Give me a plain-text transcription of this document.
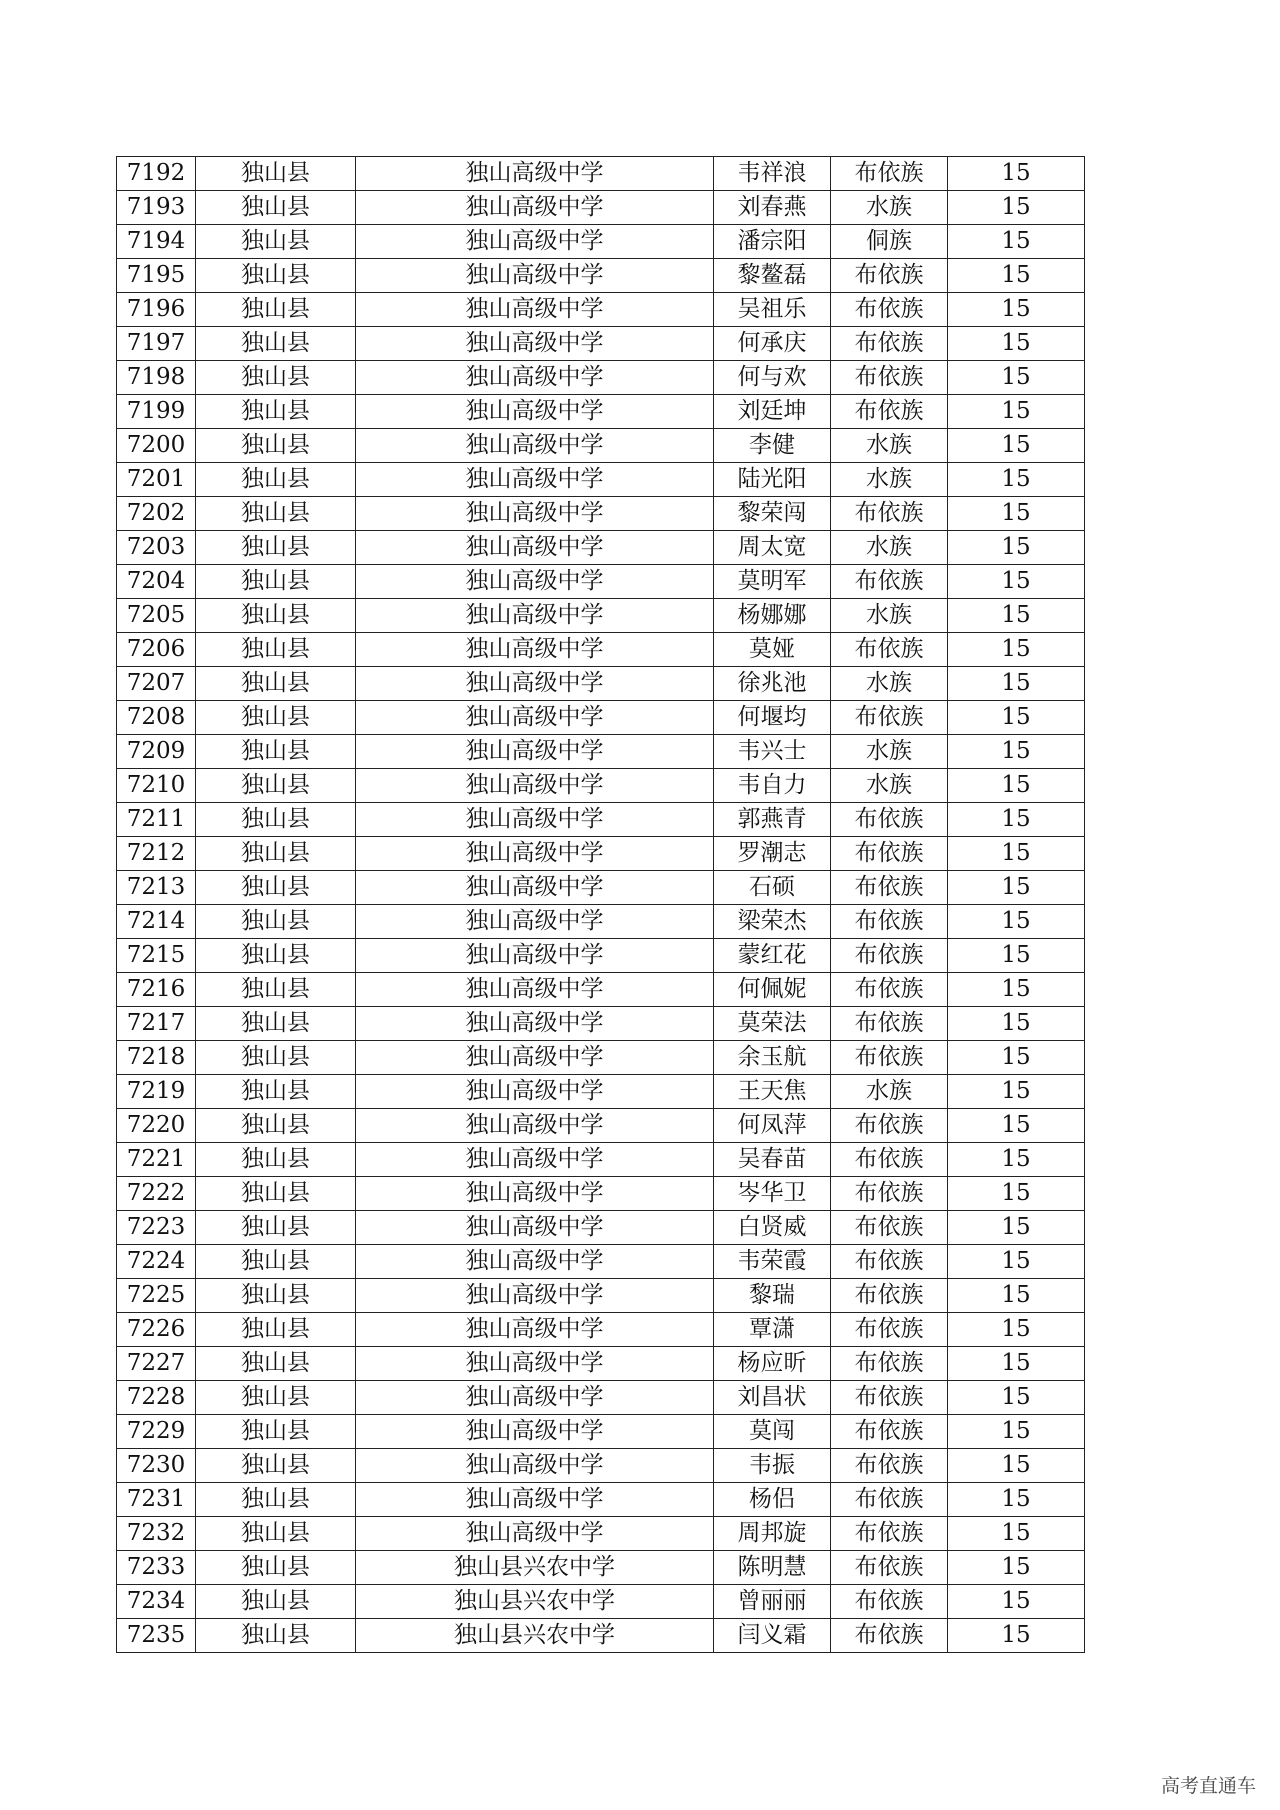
7192	独山县	独山高级中学	韦祥浪	布依族	15
7193	独山县	独山高级中学	刘春燕	水族	15
7194	独山县	独山高级中学	潘宗阳	侗族	15
7195	独山县	独山高级中学	黎鳌磊	布依族	15
7196	独山县	独山高级中学	吴祖乐	布依族	15
7197	独山县	独山高级中学	何承庆	布依族	15
7198	独山县	独山高级中学	何与欢	布依族	15
7199	独山县	独山高级中学	刘廷坤	布依族	15
7200	独山县	独山高级中学	李健	水族	15
7201	独山县	独山高级中学	陆光阳	水族	15
7202	独山县	独山高级中学	黎荣闯	布依族	15
7203	独山县	独山高级中学	周太宽	水族	15
7204	独山县	独山高级中学	莫明军	布依族	15
7205	独山县	独山高级中学	杨娜娜	水族	15
7206	独山县	独山高级中学	莫娅	布依族	15
7207	独山县	独山高级中学	徐兆池	水族	15
7208	独山县	独山高级中学	何堰均	布依族	15
7209	独山县	独山高级中学	韦兴士	水族	15
7210	独山县	独山高级中学	韦自力	水族	15
7211	独山县	独山高级中学	郭燕青	布依族	15
7212	独山县	独山高级中学	罗潮志	布依族	15
7213	独山县	独山高级中学	石硕	布依族	15
7214	独山县	独山高级中学	梁荣杰	布依族	15
7215	独山县	独山高级中学	蒙红花	布依族	15
7216	独山县	独山高级中学	何佩妮	布依族	15
7217	独山县	独山高级中学	莫荣法	布依族	15
7218	独山县	独山高级中学	余玉航	布依族	15
7219	独山县	独山高级中学	王天焦	水族	15
7220	独山县	独山高级中学	何凤萍	布依族	15
7221	独山县	独山高级中学	吴春苗	布依族	15
7222	独山县	独山高级中学	岑华卫	布依族	15
7223	独山县	独山高级中学	白贤威	布依族	15
7224	独山县	独山高级中学	韦荣霞	布依族	15
7225	独山县	独山高级中学	黎瑞	布依族	15
7226	独山县	独山高级中学	覃潇	布依族	15
7227	独山县	独山高级中学	杨应昕	布依族	15
7228	独山县	独山高级中学	刘昌状	布依族	15
7229	独山县	独山高级中学	莫闯	布依族	15
7230	独山县	独山高级中学	韦振	布依族	15
7231	独山县	独山高级中学	杨侣	布依族	15
7232	独山县	独山高级中学	周邦旋	布依族	15
7233	独山县	独山县兴农中学	陈明慧	布依族	15
7234	独山县	独山县兴农中学	曾丽丽	布依族	15
7235	独山县	独山县兴农中学	闫义霜	布依族	15
高考直通车
